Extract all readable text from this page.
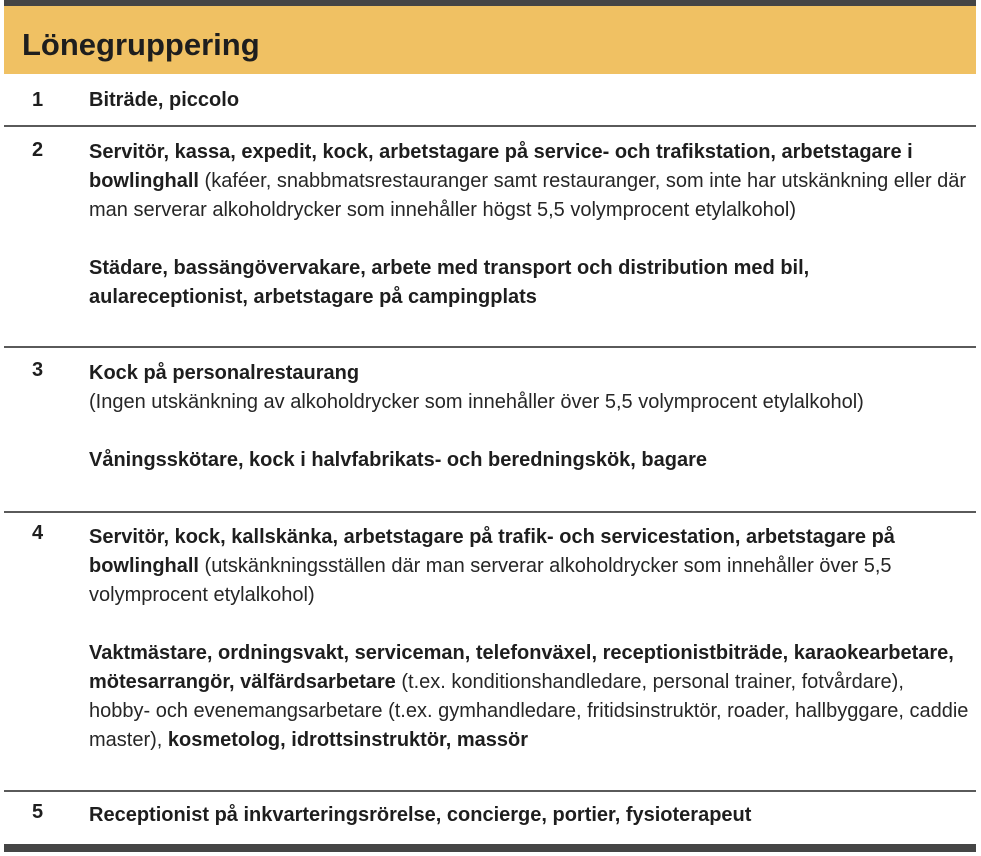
Lönegruppering
1 Biträde, piccolo

2 Servitör, kassa, expedit, kock, arbetstagare på service- och trafikstation, arbetstagare i bowlinghall (kaféer, snabbmatsrestauranger samt restauranger, som inte har utskänkning eller där man serverar alkoholdrycker som innehåller högst 5,5 volymprocent etylalkohol)

Städare, bassängövervakare, arbete med transport och distribution med bil, aulareceptionist, arbetstagare på campingplats

3 Kock på personalrestaurang
(Ingen utskänkning av alkoholdrycker som innehåller över 5,5 volymprocent etylalkohol)

Våningsskötare, kock i halvfabrikats- och beredningskök, bagare

4 Servitör, kock, kallskänka, arbetstagare på trafik- och servicestation, arbetstagare på bowlinghall (utskänkningsställen där man serverar alkoholdrycker som innehåller över 5,5 volymprocent etylalkohol)

Vaktmästare, ordningsvakt, serviceman, telefonväxel, receptionistbiträde, karaokearbetare, mötesarrangör, välfärdsarbetare (t.ex. konditionshandledare, personal trainer, fotvårdare), hobby- och evenemangsarbetare (t.ex. gymhandledare, fritidsinstruktör, roader, hallbyggare, caddie master), kosmetolog, idrottsinstruktör, massör

5 Receptionist på inkvarteringsrörelse, concierge, portier, fysioterapeut
